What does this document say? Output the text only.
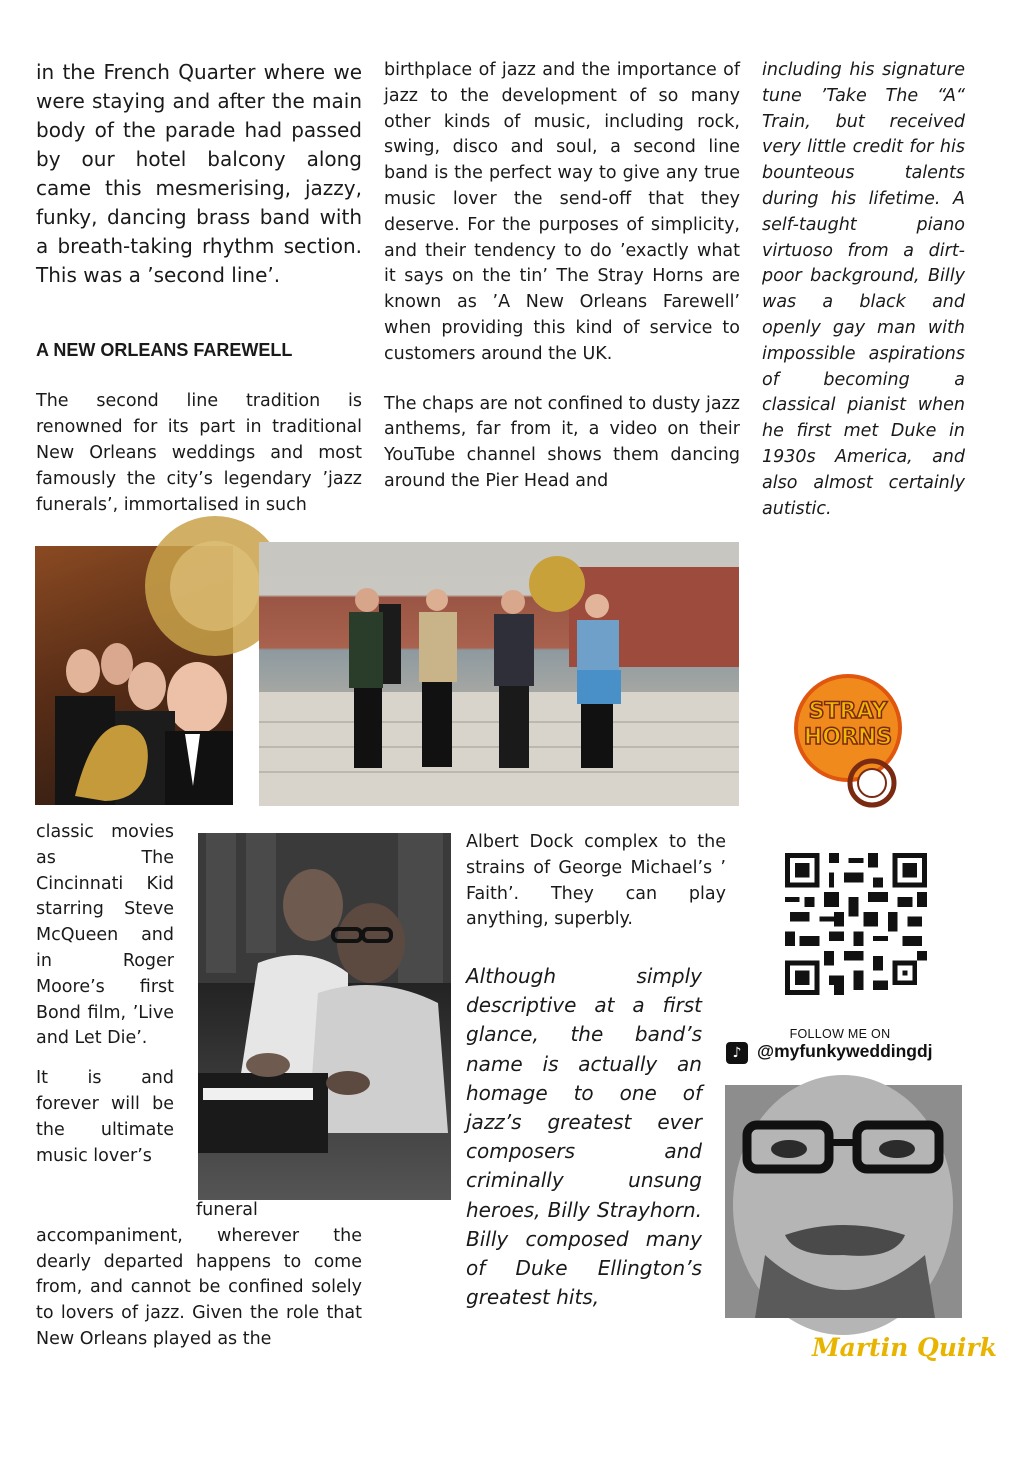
in the French Quarter where we were staying and after the main body of the parade had passed by our hotel balcony along came this mesmerising, jazzy, funky, dancing brass band with a breath-taking rhythm section. This was a ’second line’.

A NEW ORLEANS FAREWELL

The second line tradition is renowned for its part in traditional New Orleans weddings and most famously the city’s legendary ’jazz funerals’, immortalised in such

birthplace of jazz and the importance of jazz to the development of so many other kinds of music, including rock, swing, disco and soul, a second line band is the perfect way to give any true music lover the send-off that they deserve. For the purposes of simplicity, and their tendency to do ’exactly what it says on the tin’ The Stray Horns are known as ’A New Orleans Farewell’ when providing this kind of service to customers around the UK.

The chaps are not confined to dusty jazz anthems, far from it, a video on their YouTube channel shows them dancing around the Pier Head and

including his signature tune ’Take The “A“ Train, but received very little credit for his bounteous talents during his lifetime. A self-taught piano virtuoso from a dirt-poor background, Billy was a black and openly gay man with impossible aspirations of becoming a classical pianist when he first met Duke in 1930s America, and also almost certainly autistic.

STRAY
HORNS

classic movies as The Cincinnati Kid starring Steve McQueen and in Roger Moore’s first Bond film, ’Live and Let Die’.

It is and forever will be the ultimate music lover’s

funeral accompaniment, wherever the dearly departed happens to come from, and cannot be confined solely to lovers of jazz. Given the role that New Orleans played as the

Albert Dock complex to the strains of George Michael’s ’ Faith’. They can play anything, superbly.

Although simply descriptive at a first glance, the band’s name is actually an homage to one of jazz’s greatest ever composers and criminally unsung heroes, Billy Strayhorn. Billy composed many of Duke Ellington’s greatest hits,

FOLLOW ME ON
♪ @myfunkyweddingdj
Martin Quirk
